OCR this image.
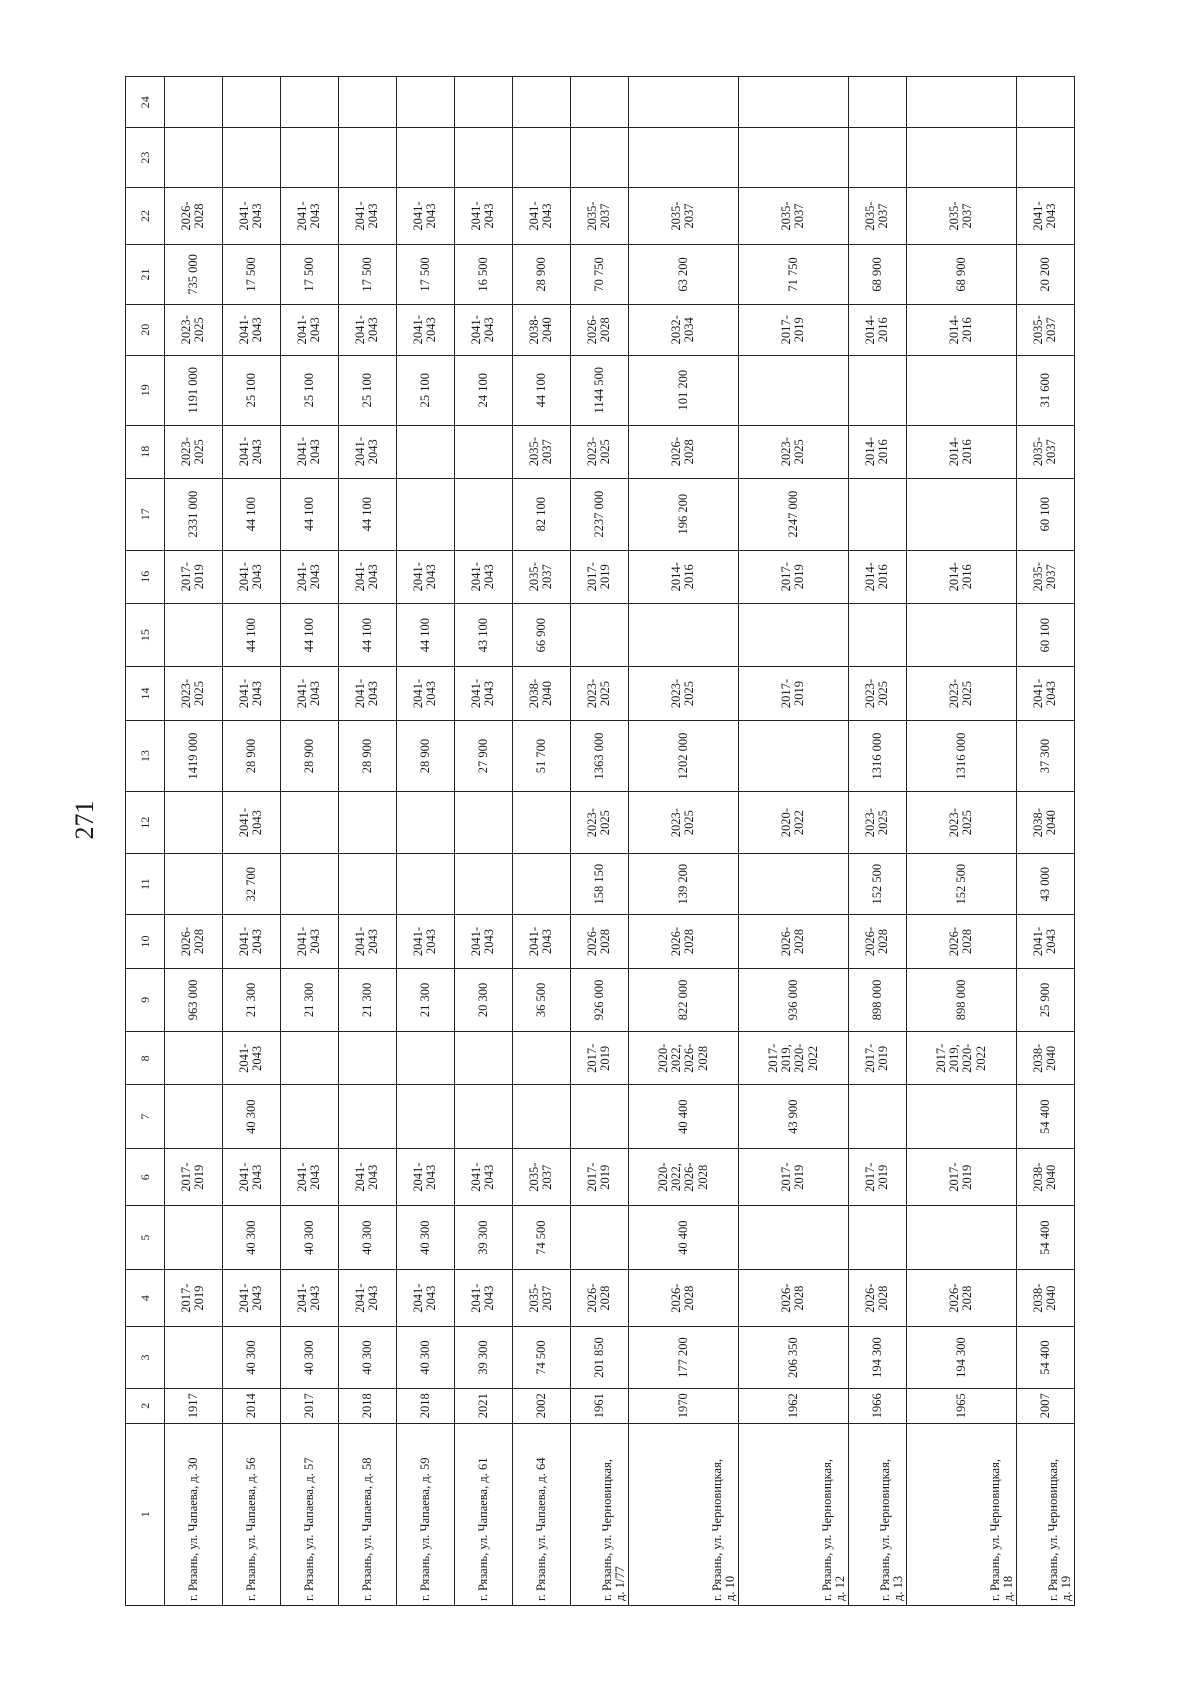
271
1	2	3	4	5	6	7	8	9	10	11	12	13	14	15	16	17	18	19	20	21	22	23	24
г. Рязань, ул. Чапаева, д. 30	1917		2017-
2019		2017-
2019			963 000	2026-
2028			1419 000	2023-
2025		2017-
2019	2331 000	2023-
2025	1191 000	2023-
2025	735 000	2026-
2028		
г. Рязань, ул. Чапаева, д. 56	2014	40 300	2041-
2043	40 300	2041-
2043	40 300	2041-
2043	21 300	2041-
2043	32 700	2041-
2043	28 900	2041-
2043	44 100	2041-
2043	44 100	2041-
2043	25 100	2041-
2043	17 500	2041-
2043		
г. Рязань, ул. Чапаева, д. 57	2017	40 300	2041-
2043	40 300	2041-
2043			21 300	2041-
2043			28 900	2041-
2043	44 100	2041-
2043	44 100	2041-
2043	25 100	2041-
2043	17 500	2041-
2043		
г. Рязань, ул. Чапаева, д. 58	2018	40 300	2041-
2043	40 300	2041-
2043			21 300	2041-
2043			28 900	2041-
2043	44 100	2041-
2043	44 100	2041-
2043	25 100	2041-
2043	17 500	2041-
2043		
г. Рязань, ул. Чапаева, д. 59	2018	40 300	2041-
2043	40 300	2041-
2043			21 300	2041-
2043			28 900	2041-
2043	44 100	2041-
2043			25 100	2041-
2043	17 500	2041-
2043		
г. Рязань, ул. Чапаева, д. 61	2021	39 300	2041-
2043	39 300	2041-
2043			20 300	2041-
2043			27 900	2041-
2043	43 100	2041-
2043			24 100	2041-
2043	16 500	2041-
2043		
г. Рязань, ул. Чапаева, д. 64	2002	74 500	2035-
2037	74 500	2035-
2037			36 500	2041-
2043			51 700	2038-
2040	66 900	2035-
2037	82 100	2035-
2037	44 100	2038-
2040	28 900	2041-
2043		
г. Рязань, ул. Черновицкая,
д. 1/77	1961	201 850	2026-
2028		2017-
2019		2017-
2019	926 000	2026-
2028	158 150	2023-
2025	1363 000	2023-
2025		2017-
2019	2237 000	2023-
2025	1144 500	2026-
2028	70 750	2035-
2037		
г. Рязань, ул. Черновицкая,
д. 10	1970	177 200	2026-
2028	40 400	2020-
2022,
2026-
2028	40 400	2020-
2022,
2026-
2028	822 000	2026-
2028	139 200	2023-
2025	1202 000	2023-
2025		2014-
2016	196 200	2026-
2028	101 200	2032-
2034	63 200	2035-
2037		
г. Рязань, ул. Черновицкая,
д. 12	1962	206 350	2026-
2028		2017-
2019	43 900	2017-
2019,
2020-
2022	936 000	2026-
2028		2020-
2022		2017-
2019		2017-
2019	2247 000	2023-
2025		2017-
2019	71 750	2035-
2037		
г. Рязань, ул. Черновицкая,
д. 13	1966	194 300	2026-
2028		2017-
2019		2017-
2019	898 000	2026-
2028	152 500	2023-
2025	1316 000	2023-
2025		2014-
2016		2014-
2016		2014-
2016	68 900	2035-
2037		
г. Рязань, ул. Черновицкая,
д. 18	1965	194 300	2026-
2028		2017-
2019		2017-
2019,
2020-
2022	898 000	2026-
2028	152 500	2023-
2025	1316 000	2023-
2025		2014-
2016		2014-
2016		2014-
2016	68 900	2035-
2037		
г. Рязань, ул. Черновицкая,
д. 19	2007	54 400	2038-
2040	54 400	2038-
2040	54 400	2038-
2040	25 900	2041-
2043	43 000	2038-
2040	37 300	2041-
2043	60 100	2035-
2037	60 100	2035-
2037	31 600	2035-
2037	20 200	2041-
2043		
